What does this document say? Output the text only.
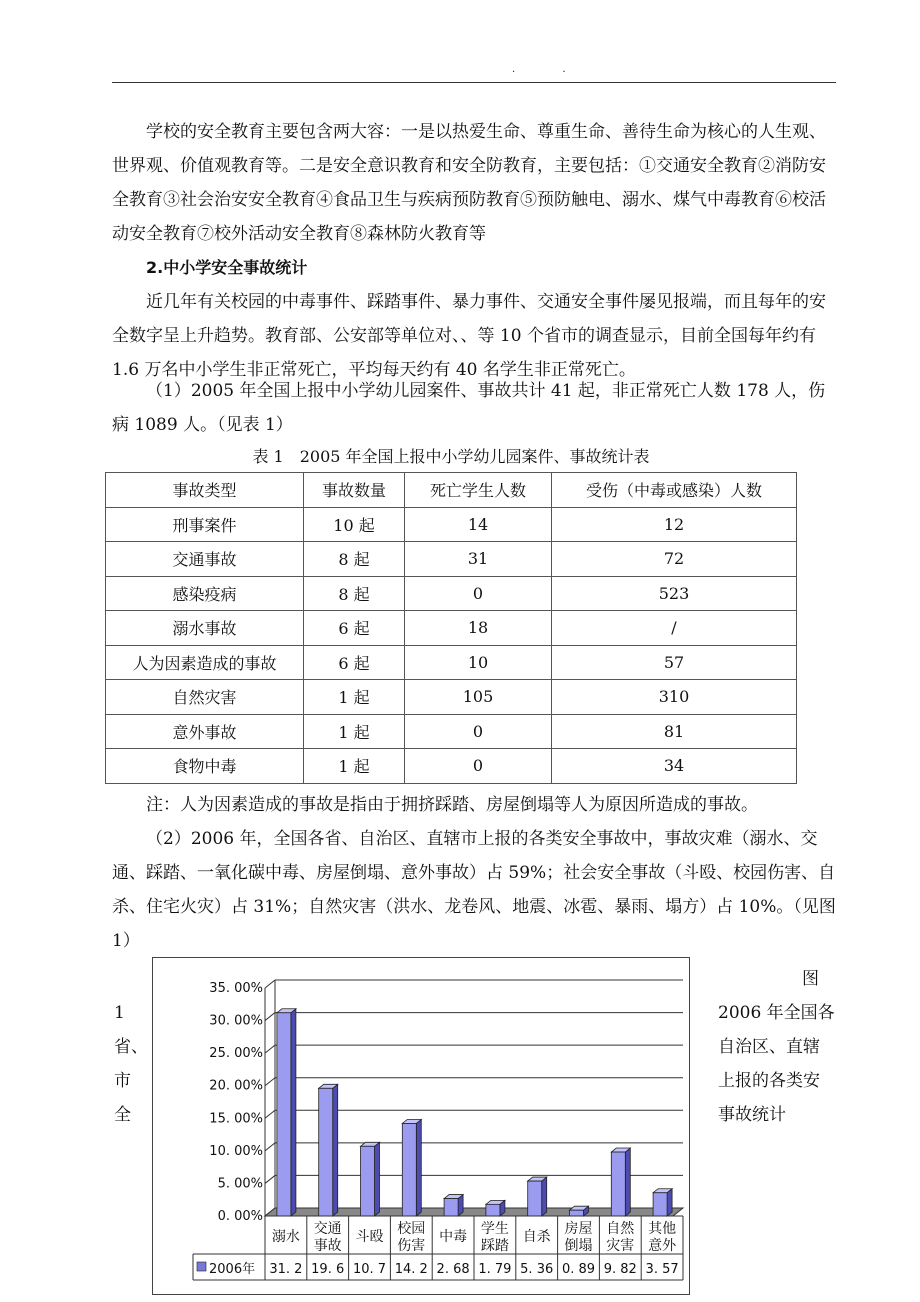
. .

学校的安全教育主要包含两大容：一是以热爱生命、尊重生命、善待生命为核心的人生观、世界观、价值观教育等。二是安全意识教育和安全防教育，主要包括：①交通安全教育②消防安全教育③社会治安安全教育④食品卫生与疾病预防教育⑤预防触电、溺水、煤气中毒教育⑥校活动安全教育⑦校外活动安全教育⑧森林防火教育等

2.中小学安全事故统计

近几年有关校园的中毒事件、踩踏事件、暴力事件、交通安全事件屡见报端，而且每年的安全数字呈上升趋势。教育部、公安部等单位对、、等 10 个省市的调查显示，目前全国每年约有 1.6 万名中小学生非正常死亡，平均每天约有 40 名学生非正常死亡。

（1）2005 年全国上报中小学幼儿园案件、事故共计 41 起，非正常死亡人数 178 人，伤病 1089 人。（见表 1）

表 1　2005 年全国上报中小学幼儿园案件、事故统计表
事故类型	事故数量	死亡学生人数	受伤（中毒或感染）人数
刑事案件	10 起	14	12
交通事故	8 起	31	72
感染疫病	8 起	0	523
溺水事故	6 起	18	/
人为因素造成的事故	6 起	10	57
自然灾害	1 起	105	310
意外事故	1 起	0	81
食物中毒	1 起	0	34

注：人为因素造成的事故是指由于拥挤踩踏、房屋倒塌等人为原因所造成的事故。

（2）2006 年，全国各省、自治区、直辖市上报的各类安全事故中，事故灾难（溺水、交通、踩踏、一氧化碳中毒、房屋倒塌、意外事故）占 59%；社会安全事故（斗殴、校园伤害、自杀、住宅火灾）占 31%；自然灾害（洪水、龙卷风、地震、冰雹、暴雨、塌方）占 10%。（见图 1）

1
省、
市
全
图
2006 年全国各
自治区、直辖
上报的各类安
事故统计
35. 00%
30. 00%
25. 00%
20. 00%
15. 00%
10. 00%
5. 00%
0. 00%
溺水 交通
事故
斗殴 校园
伤害
中毒 学生
踩踏
自杀 房屋
倒塌
自然
灾害
其他
意外
31. 2 19. 6 10. 7 14. 2 2. 68 1. 79 5. 36 0. 89 9. 82 3. 57
2006年
